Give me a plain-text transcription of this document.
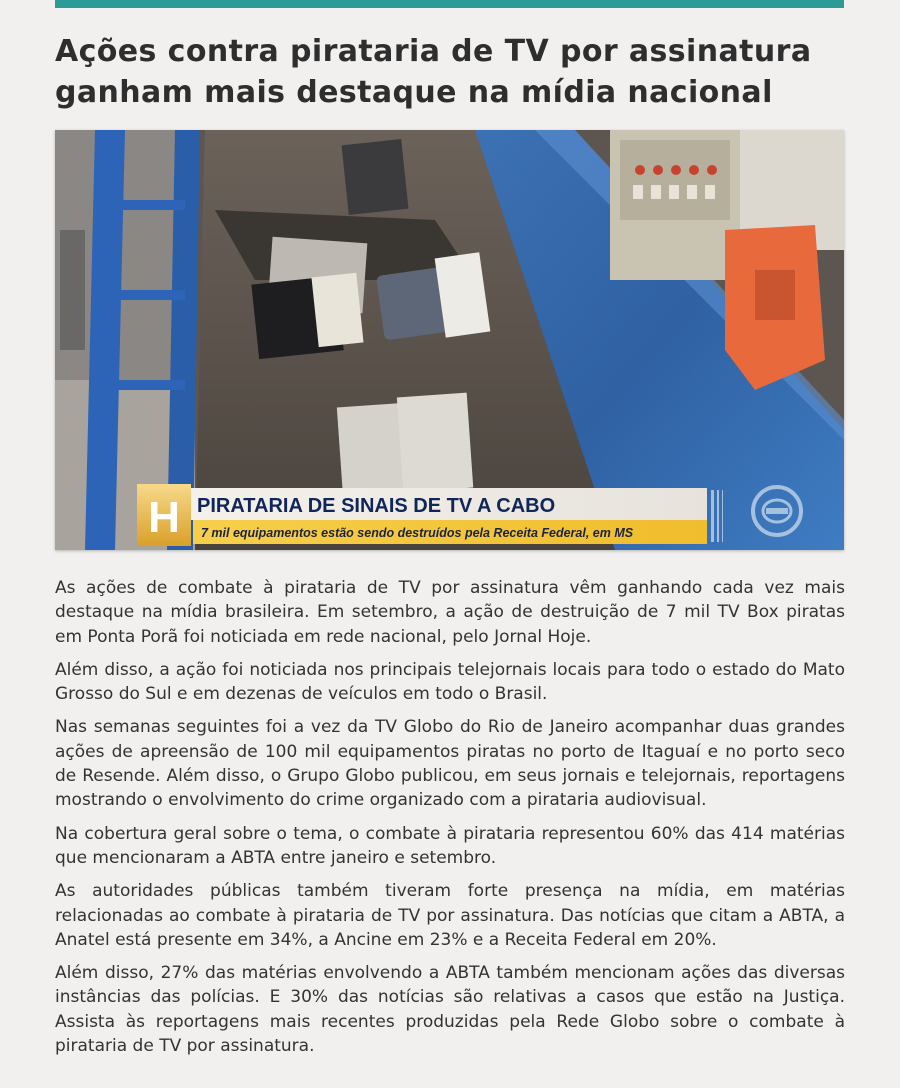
Ações contra pirataria de TV por assinatura ganham mais destaque na mídia nacional
H PIRATARIA DE SINAIS DE TV A CABO
7 mil equipamentos estão sendo destruídos pela Receita Federal, em MS

As ações de combate à pirataria de TV por assinatura vêm ganhando cada vez mais destaque na mídia brasileira. Em setembro, a ação de destruição de 7 mil TV Box piratas em Ponta Porã foi noticiada em rede nacional, pelo Jornal Hoje.

Além disso, a ação foi noticiada nos principais telejornais locais para todo o estado do Mato Grosso do Sul e em dezenas de veículos em todo o Brasil.

Nas semanas seguintes foi a vez da TV Globo do Rio de Janeiro acompanhar duas grandes ações de apreensão de 100 mil equipamentos piratas no porto de Itaguaí e no porto seco de Resende. Além disso, o Grupo Globo publicou, em seus jornais e telejornais, reportagens mostrando o envolvimento do crime organizado com a pirataria audiovisual.

Na cobertura geral sobre o tema, o combate à pirataria representou 60% das 414 matérias que mencionaram a ABTA entre janeiro e setembro.

As autoridades públicas também tiveram forte presença na mídia, em matérias relacionadas ao combate à pirataria de TV por assinatura. Das notícias que citam a ABTA, a Anatel está presente em 34%, a Ancine em 23% e a Receita Federal em 20%.

Além disso, 27% das matérias envolvendo a ABTA também mencionam ações das diversas instâncias das polícias. E 30% das notícias são relativas a casos que estão na Justiça. Assista às reportagens mais recentes produzidas pela Rede Globo sobre o combate à pirataria de TV por assinatura.
